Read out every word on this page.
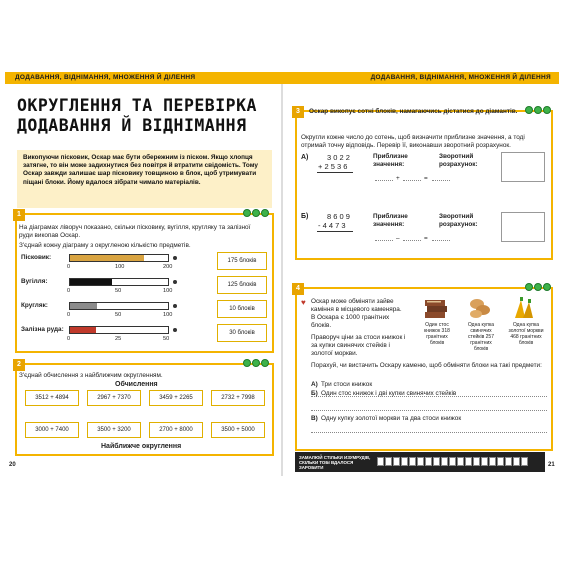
ДОДАВАННЯ, ВІДНІМАННЯ, МНОЖЕННЯ Й ДІЛЕННЯ	ДОДАВАННЯ, ВІДНІМАННЯ, МНОЖЕННЯ Й ДІЛЕННЯ
ОКРУГЛЕННЯ ТА ПЕРЕВІРКА
ДОДАВАННЯ Й ВІДНІМАННЯ
Викопуючи пісковик, Оскар має бути обережним із піском. Якщо хлопця затягне, то він може задихнутися без повітря й втратити свідомість. Тому Оскар завжди залишає шар пісковику товщиною в блок, щоб утримувати піщані блоки. Йому вдалося зібрати чимало матеріалів.
1
На діаграмах ліворуч показано, скільки пісковику, вугілля, кругляку та залізної руди викопав Оскар.
З'єднай кожну діаграму з округленою кількістю предметів.
175 блоків
125 блоків
10 блоків
30 блоків
2
З'єднай обчислення з найближчим округленням.
Обчислення
3512 + 4894	2967 + 7370	3459 + 2265	2732 + 7998
3000 + 7400	3500 + 3200	2700 + 8000	3500 + 5000
Найближче округлення
20
3	Оскар викопує сотні блоків, намагаючись дістатися до діамантів.
Округли кожне число до сотень, щоб визначити приблизне значення, а тоді отримай точну відповідь. Перевір її, виконавши зворотний розрахунок.
А) 3 0 2 2
+ 2 5 3 6
Приблизне значення:
Зворотний розрахунок:
+	=
Б) 8 6 0 9
- 4 4 7 3
Приблизне значення:
Зворотний розрахунок:
–	=
4
♥ Оскар може обміняти зайве каміння в місцевого каменяра. В Оскара є 1000 гранітних блоків.
Праворуч ціни за стоси книжок і за купки свинячих стейків і золотої моркви.
Один стос книжок 318 гранітних блоків
Одна купка свинячих стейків 257 гранітних блоків
Одна купка золотої моркви 468 гранітних блоків
Порахуй, чи вистачить Оскару каменю, щоб обміняти блоки на такі предмети:
А) Три стоси книжок
Б) Один стос книжок і дві купки свинячих стейків
В) Одну купку золотої моркви та два стоси книжок
ЗАМАЛЮЙ СТІЛЬКИ ИЗУМРУДІВ, СКІЛЬКИ ТОБІ ВДАЛОСЯ ЗАРОБИТИ	21
Пісковик:
0	100	200
Вугілля:
0	50	100
Кругляк:
0	50	100
Залізна руда:
0	25	50
